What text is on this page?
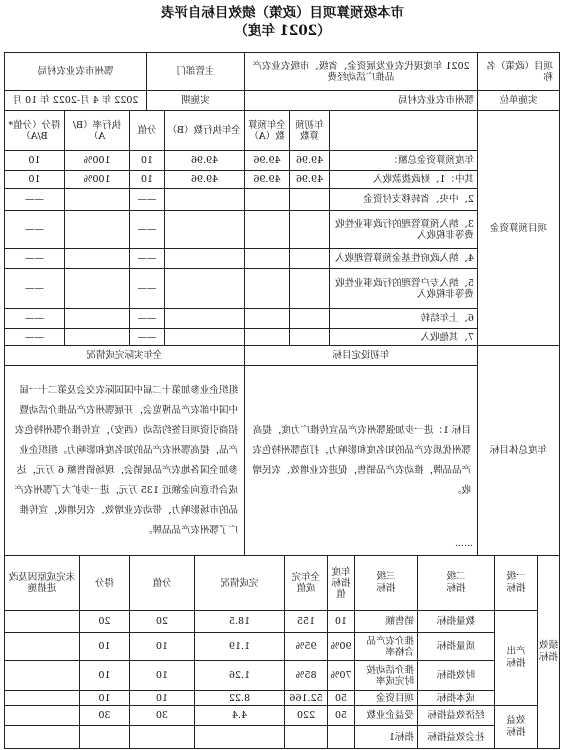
市本级预算项目（政策）绩效目标自评表
（2021 年度）
项目（政策）名称	2021 年度现代农业发展资金、省级、市级农业农产品推广活动经费	主管部门	鄂州市农业农村局
实施单位	鄂州市农业农村局	实施期	2022 年 4 月-2022 年 10 月
项目预算资金		年初预算数	全年预算数（A）	全年执行数（B）	分值	执行率（B/A）	得分（分值*B/A）
	年度预算资金总额：	49.96	49.96	49.96	10	100%	10
	其中：1、财政拨款收入	49.96	49.96	49.96	10	100%	10
	2、中央、省转移支付资金				——		——
	3、纳入预算管理的行政事业性收费等非税收入				——		——
	4、纳入政府性基金预算管理收入				——		——
	5、纳入专户管理的行政事业性收费等非税收入				——		——
	6、上年结转				——		——
	7、其他收入				——		——
年度总体目标	年初设定目标	全年实际完成情况
	目标 1：进一步加强鄂州农产品宣传推广力度，提高鄂州优质农产品的知名度和影响力，打造鄂州特色农产品品牌，推动农产品销售，促进农业增效、农民增收。	组织企业参加第十二届中国国际农交会及第二十一届中国中部农产品博览会，开展鄂州农产品推介活动暨招商引资项目签约活动（西安），宣传推介鄂州特色农产品，提高鄂州农产品的知名度和影响力。组织企业参加全国各地农产品展销会，现场销售额 6 万元，达成合作意向金额近 135 万元，进一步扩大了鄂州农产品的市场影响力，带动农业增效、农民增收，宣传推广了鄂州农产品品牌。
……
绩效指标	一级指标	二级指标	三级指标	年度指标值	全年完成值	完成情况	分值	得分	未完成原因及改进措施
	产出指标	数量指标	销售额	10	155	18.5	20	20	
		质量指标	推介农产品合格率	90%	95%	1.19	10	10	
		时效指标	推介活动按时完成率	70%	85%	1.26	10	10	
		成本指标	项目资金	50	52.166	8.22	10	10	
	效益指标	经济效益指标	受益企业数	50	220	4.4	30	30	
		社会效益指标	指标1						
